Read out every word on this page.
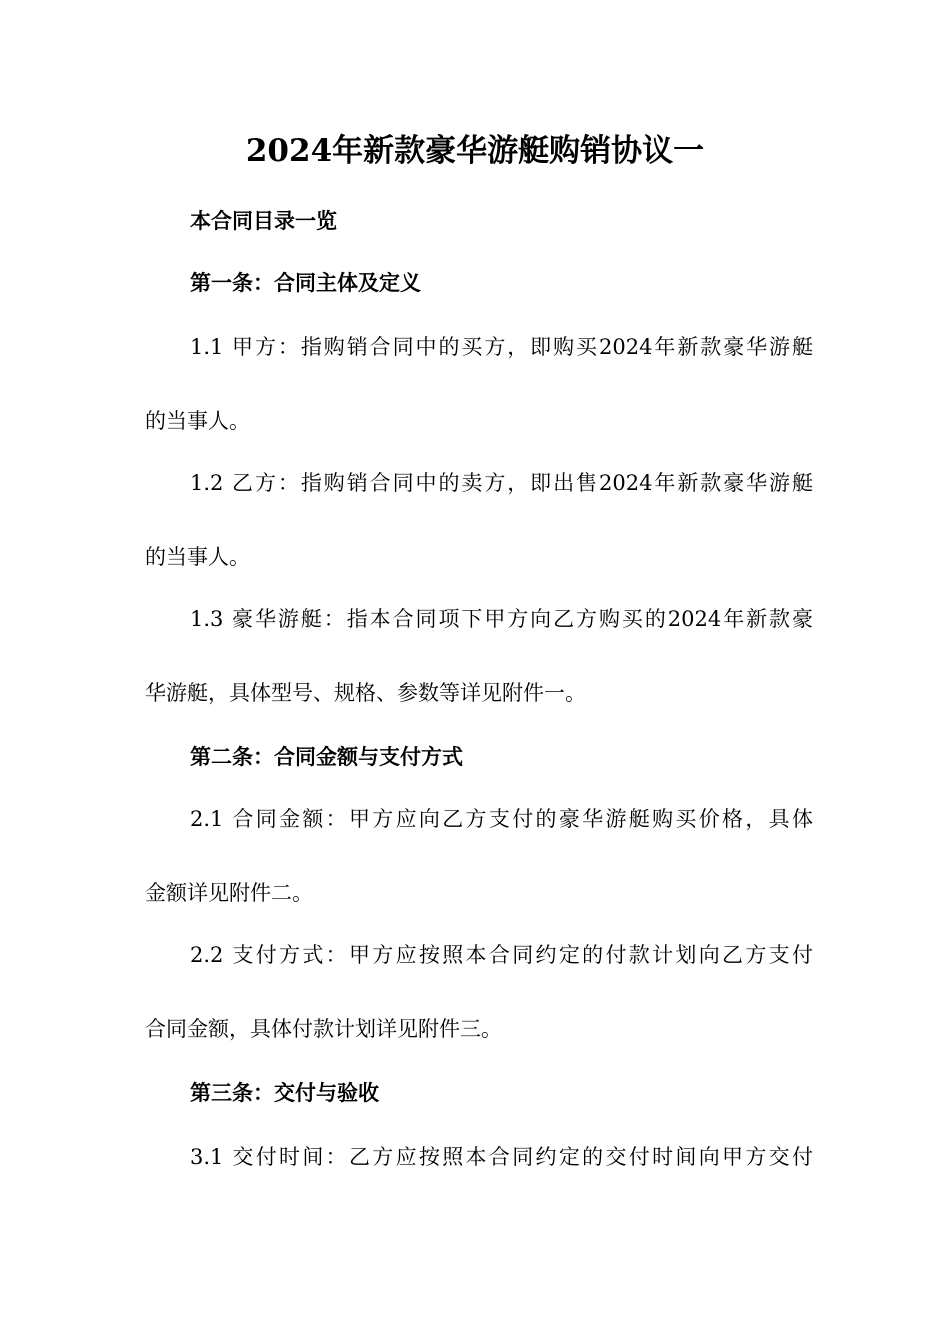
2024年新款豪华游艇购销协议一
本合同目录一览
第一条：合同主体及定义
1.1 甲方：指购销合同中的买方，即购买2024年新款豪华游艇
的当事人。
1.2 乙方：指购销合同中的卖方，即出售2024年新款豪华游艇
的当事人。
1.3 豪华游艇：指本合同项下甲方向乙方购买的2024年新款豪
华游艇，具体型号、规格、参数等详见附件一。
第二条：合同金额与支付方式
2.1 合同金额：甲方应向乙方支付的豪华游艇购买价格，具体
金额详见附件二。
2.2 支付方式：甲方应按照本合同约定的付款计划向乙方支付
合同金额，具体付款计划详见附件三。
第三条：交付与验收
3.1 交付时间：乙方应按照本合同约定的交付时间向甲方交付
